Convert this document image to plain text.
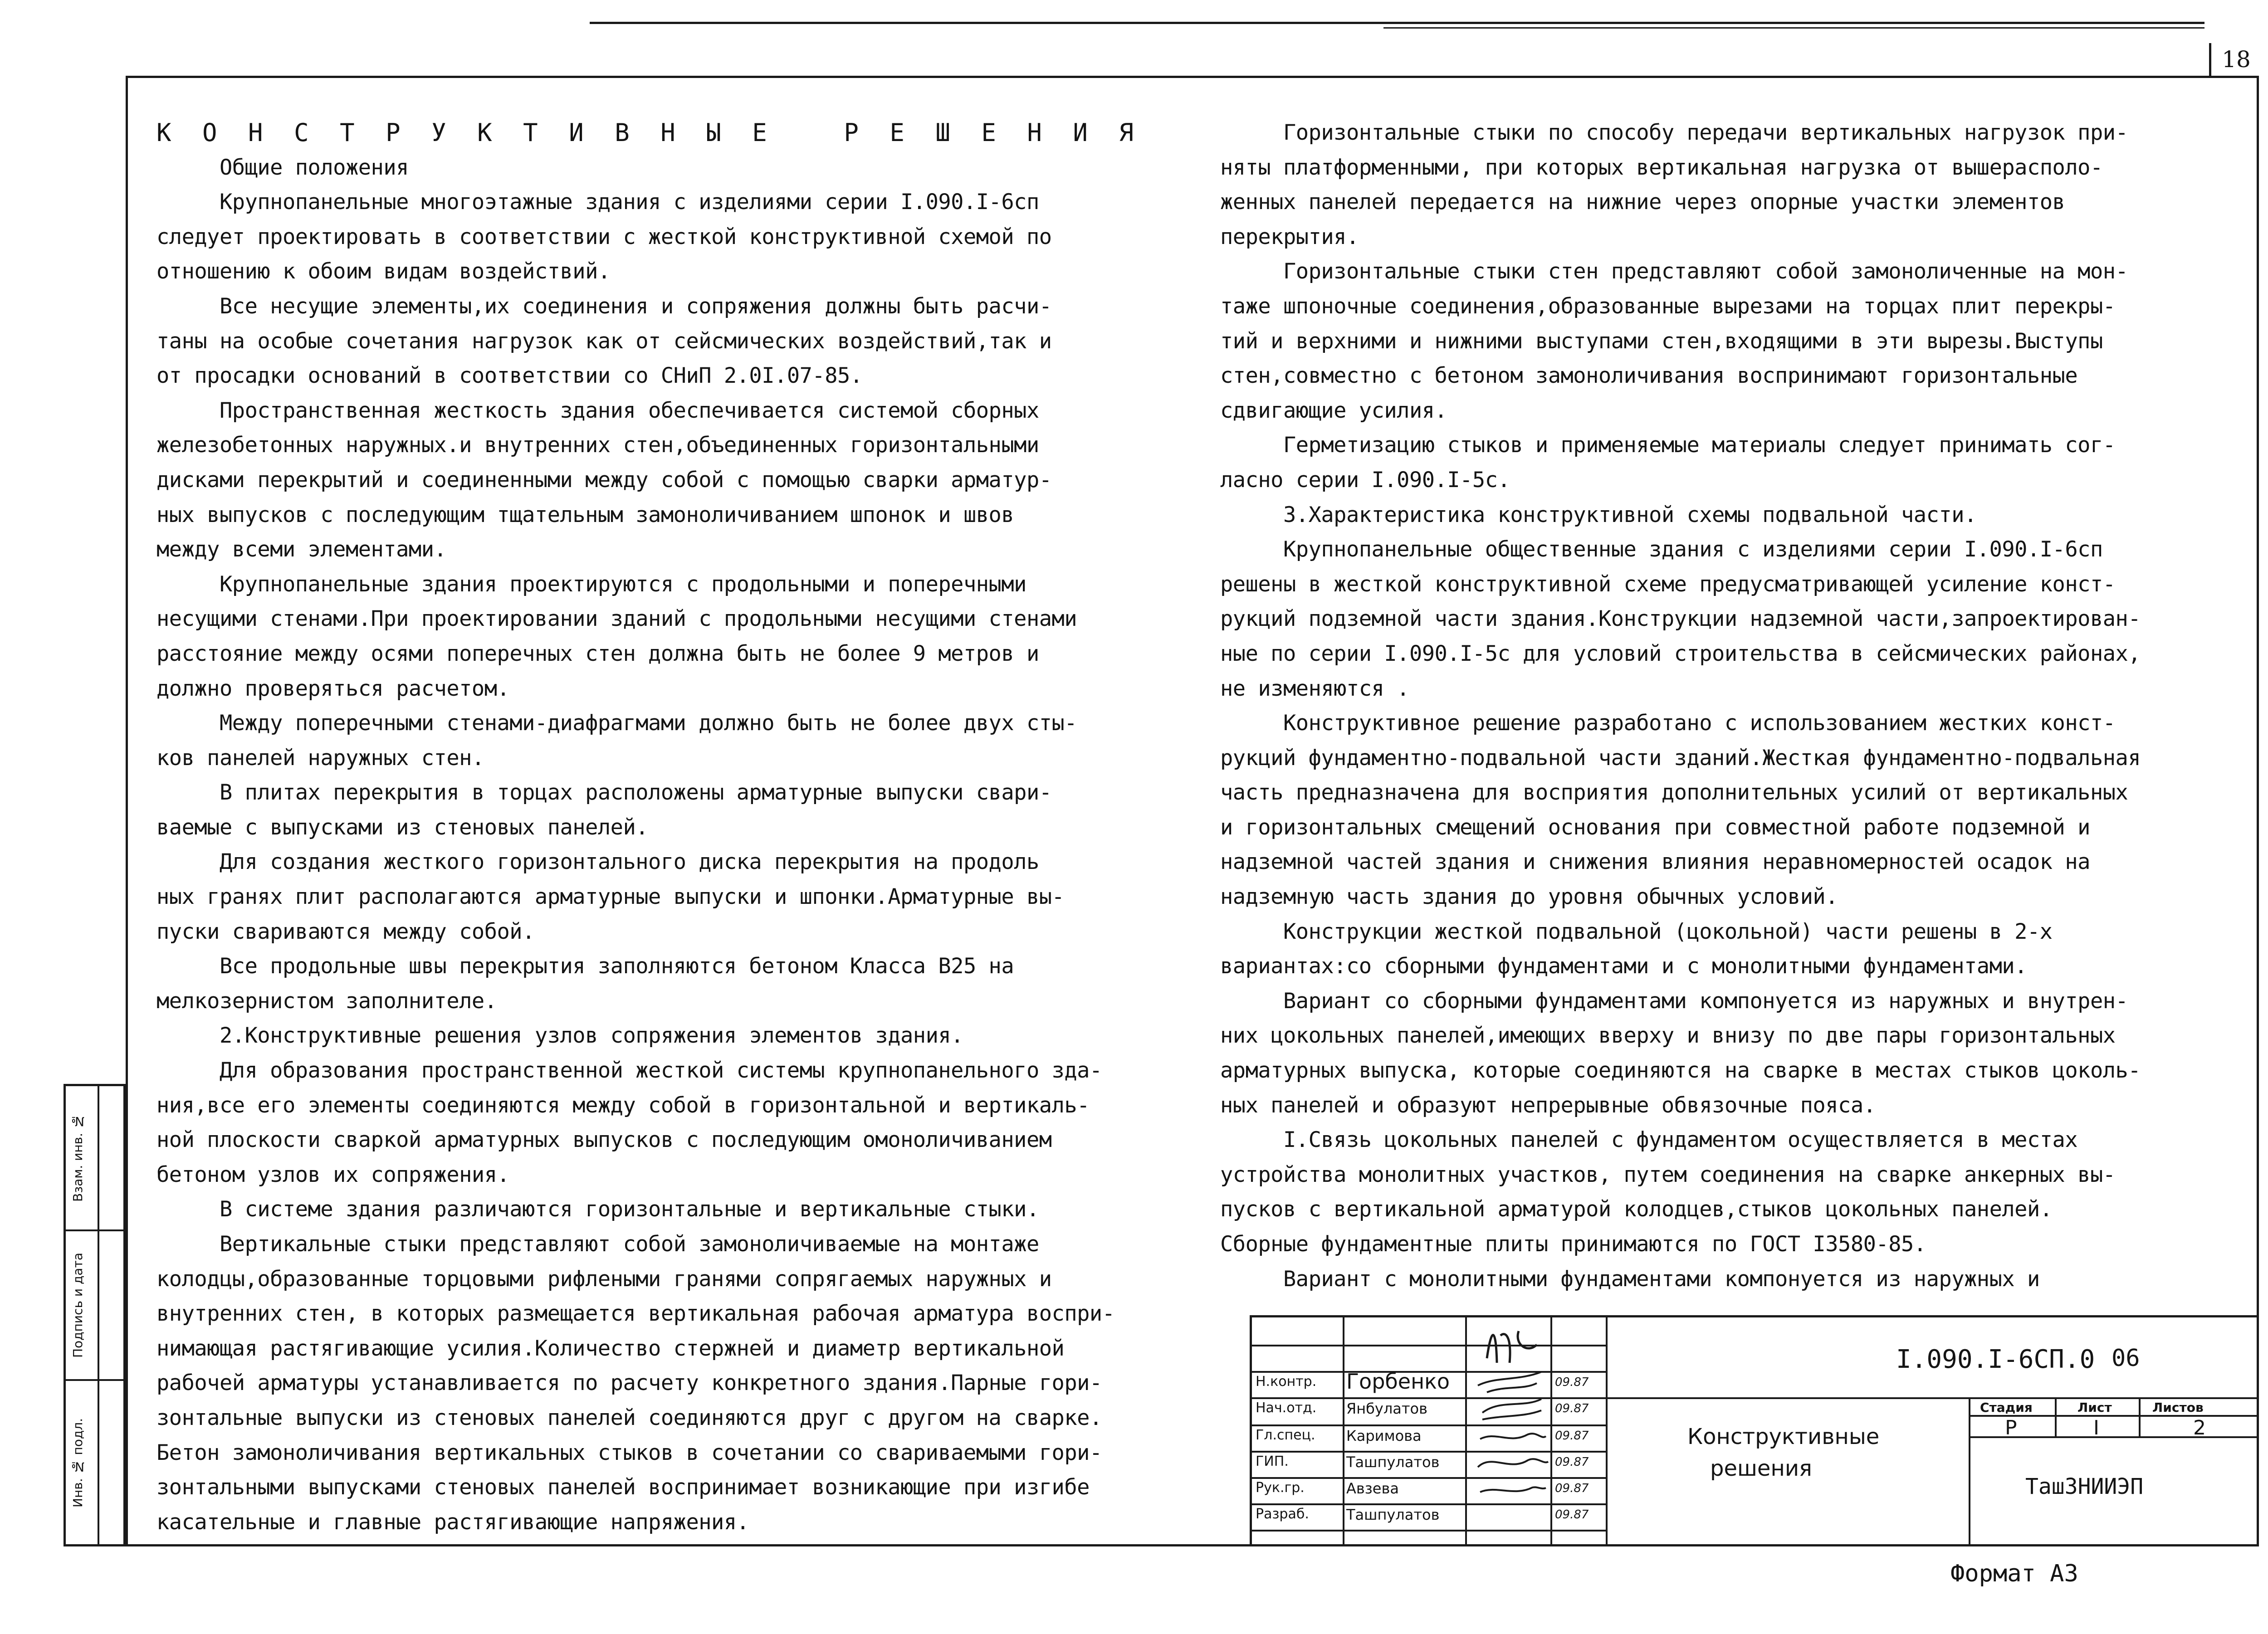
18

К О Н С Т Р У К Т И В Н Ы Е   Р Е Ш Е Н И Я

Общие положения

Крупнопанельные многоэтажные здания с изделиями серии I.090.I-6сп

следует проектировать в соответствии с жесткой конструктивной схемой по

отношению к обоим видам воздействий.

Все несущие элементы,их соединения и сопряжения должны быть расчи-

таны на особые сочетания нагрузок как от сейсмических воздействий,так и

от просадки оснований в соответствии со СНиП 2.0I.07-85.

Пространственная жесткость здания обеспечивается системой сборных

железобетонных наружных.и внутренних стен,объединенных горизонтальными

дисками перекрытий и соединенными между собой с помощью сварки арматур-

ных выпусков с последующим тщательным замоноличиванием шпонок и швов

между всеми элементами.

Крупнопанельные здания проектируются с продольными и поперечными

несущими стенами.При проектировании зданий с продольными несущими стенами

расстояние между осями поперечных стен должна быть не более 9 метров и

должно проверяться расчетом.

Между поперечными стенами-диафрагмами должно быть не более двух сты-

ков панелей наружных стен.

В плитах перекрытия в торцах расположены арматурные выпуски свари-

ваемые с выпусками из стеновых панелей.

Для создания жесткого горизонтального диска перекрытия на продоль

ных гранях плит располагаются арматурные выпуски и шпонки.Арматурные вы-

пуски свариваются между собой.

Все продольные швы перекрытия заполняются бетоном Класса В25 на

мелкозернистом заполнителе.

2.Конструктивные решения узлов сопряжения элементов здания.

Для образования пространственной жесткой системы крупнопанельного зда-

ния,все его элементы соединяются между собой в горизонтальной и вертикаль-

ной плоскости сваркой арматурных выпусков с последующим омоноличиванием

бетоном узлов их сопряжения.

В системе здания различаются горизонтальные и вертикальные стыки.

Вертикальные стыки представляют собой замоноличиваемые на монтаже

колодцы,образованные торцовыми рифлеными гранями сопрягаемых наружных и

внутренних стен, в которых размещается вертикальная рабочая арматура воспри-

нимающая растягивающие усилия.Количество стержней и диаметр вертикальной

рабочей арматуры устанавливается по расчету конкретного здания.Парные гори-

зонтальные выпуски из стеновых панелей соединяются друг с другом на сварке.

Бетон замоноличивания вертикальных стыков в сочетании со свариваемыми гори-

зонтальными выпусками стеновых панелей воспринимает возникающие при изгибе

касательные и главные растягивающие напряжения.

Горизонтальные стыки по способу передачи вертикальных нагрузок при-

няты платформенными, при которых вертикальная нагрузка от вышерасполо-

женных панелей передается на нижние через опорные участки элементов

перекрытия.

Горизонтальные стыки стен представляют собой замоноличенные на мон-

таже шпоночные соединения,образованные вырезами на торцах плит перекры-

тий и верхними и нижними выступами стен,входящими в эти вырезы.Выступы

стен,совместно с бетоном замоноличивания воспринимают горизонтальные

сдвигающие усилия.

Герметизацию стыков и применяемые материалы следует принимать сог-

ласно серии I.090.I-5с.

3.Характеристика конструктивной схемы подвальной части.

Крупнопанельные общественные здания с изделиями серии I.090.I-6сп

решены в жесткой конструктивной схеме предусматривающей усиление конст-

рукций подземной части здания.Конструкции надземной части,запроектирован-

ные по серии I.090.I-5с для условий строительства в сейсмических районах,

не изменяются .

Конструктивное решение разработано с использованием жестких конст-

рукций фундаментно-подвальной части зданий.Жесткая фундаментно-подвальная

часть предназначена для восприятия дополнительных усилий от вертикальных

и горизонтальных смещений основания при совместной работе подземной и

надземной частей здания и снижения влияния неравномерностей осадок на

надземную часть здания до уровня обычных условий.

Конструкции жесткой подвальной (цокольной) части решены в 2-х

вариантах:со сборными фундаментами и с монолитными фундаментами.

Вариант со сборными фундаментами компонуется из наружных и внутрен-

них цокольных панелей,имеющих вверху и внизу по две пары горизонтальных

арматурных выпуска, которые соединяются на сварке в местах стыков цоколь-

ных панелей и образуют непрерывные обвязочные пояса.

I.Связь цокольных панелей с фундаментом осуществляется в местах

устройства монолитных участков, путем соединения на сварке анкерных вы-

пусков с вертикальной арматурой колодцев,стыков цокольных панелей.

Сборные фундаментные плиты принимаются по ГОСТ I3580-85.

Вариант с монолитными фундаментами компонуется из наружных и

Взам. инв. №
Подпись и дата
Инв. № подл.
I.090.I-6СП.0 06
Конструктивные
решения
Стадия	Лист	Листов
Р	I	2
ТашЗНИИЭП
Н.контр. Горбенко	09.87
Нач.отд. Янбулатов	09.87
Гл.спец. Каримова	09.87
ГИП.	Ташпулатов	09.87
Рук.гр.	Авзева	09.87
Разраб.	Ташпулатов	09.87
Формат А3
